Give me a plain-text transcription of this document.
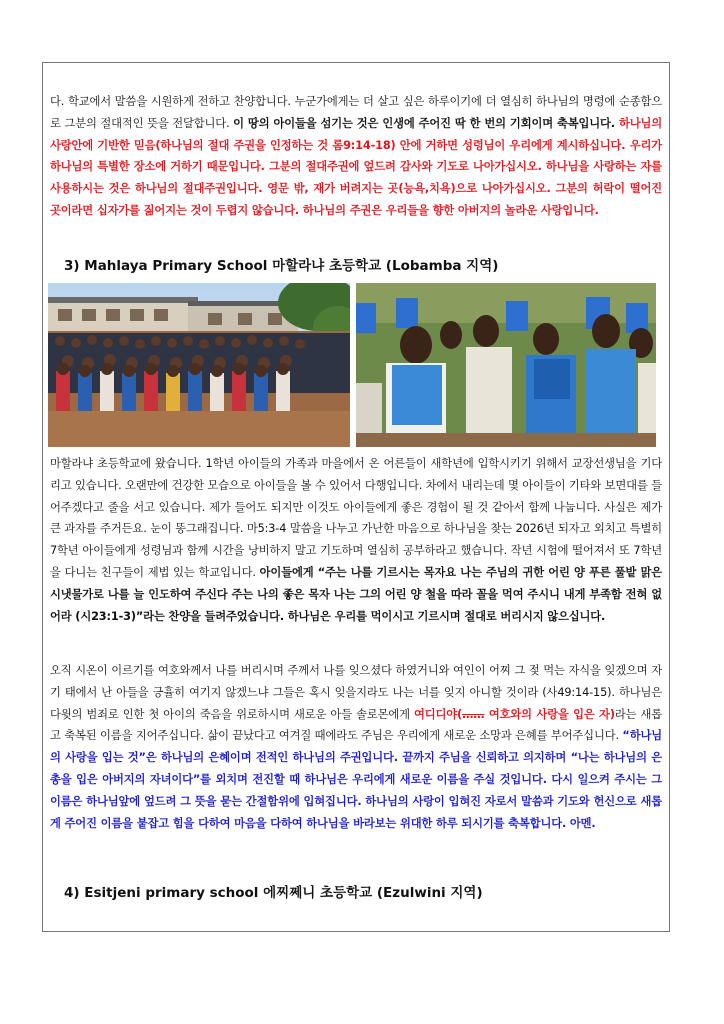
다. 학교에서 말씀을 시원하게 전하고 찬양합니다. 누군가에게는 더 살고 싶은 하루이기에 더 열심히 하나님의 명령에 순종함으로 그분의 절대적인 뜻을 전달합니다. 이 땅의 아이들을 섬기는 것은 인생에 주어진 딱 한 번의 기회이며 축복입니다. 하나님의 사랑안에 기반한 믿음(하나님의 절대 주권을 인정하는 것 롬9:14-18) 안에 거하면 성령님이 우리에게 계시하십니다. 우리가 하나님의 특별한 장소에 거하기 때문입니다. 그분의 절대주권에 엎드려 감사와 기도로 나아가십시오. 하나님을 사랑하는 자를 사용하시는 것은 하나님의 절대주권입니다. 영문 밖, 재가 버려지는 곳(능욕,치욕)으로 나아가십시오. 그분의 허락이 떨어진 곳이라면 십자가를 짊어지는 것이 두렵지 않습니다. 하나님의 주권은 우리들을 향한 아버지의 놀라운 사랑입니다.

3) Mahlaya Primary School 마할라냐 초등학교 (Lobamba 지역)

마할라냐 초등학교에 왔습니다. 1학년 아이들의 가족과 마을에서 온 어른들이 새학년에 입학시키기 위해서 교장선생님을 기다리고 있습니다. 오랜만에 건강한 모습으로 아이들을 볼 수 있어서 다행입니다. 차에서 내리는데 몇 아이들이 기타와 보면대를 들어주겠다고 줄을 서고 있습니다. 제가 들어도 되지만 이것도 아이들에게 좋은 경험이 될 것 같아서 함께 나눕니다. 사실은 제가 큰 과자를 주거든요. 눈이 똥그래집니다. 마5:3-4 말씀을 나누고 가난한 마음으로 하나님을 찾는 2026년 되자고 외치고 특별히 7학년 아이들에게 성령님과 함께 시간을 낭비하지 말고 기도하며 열심히 공부하라고 했습니다. 작년 시험에 떨어져서 또 7학년을 다니는 친구들이 제법 있는 학교입니다. 아이들에게 “주는 나를 기르시는 목자요 나는 주님의 귀한 어린 양 푸른 풀밭 맑은 시냇물가로 나를 늘 인도하여 주신다 주는 나의 좋은 목자 나는 그의 어린 양 철을 따라 꼴을 먹여 주시니 내게 부족함 전혀 없어라 (시23:1-3)”라는 찬양을 들려주었습니다. 하나님은 우리를 먹이시고 기르시며 절대로 버리시지 않으십니다.

오직 시온이 이르기를 여호와께서 나를 버리시며 주께서 나를 잊으셨다 하였거니와 여인이 어찌 그 젖 먹는 자식을 잊겠으며 자기 태에서 난 아들을 긍휼히 여기지 않겠느냐 그들은 혹시 잊을지라도 나는 너를 잊지 아니할 것이라 (사49:14-15). 하나님은 다윗의 범죄로 인한 첫 아이의 죽음을 위로하시며 새로운 아들 솔로몬에게 여디디야(…… 여호와의 사랑을 입은 자)라는 새롭고 축복된 이름을 지어주십니다. 삶이 끝났다고 여겨질 때에라도 주님은 우리에게 새로운 소망과 은혜를 부어주십니다. “하나님의 사랑을 입는 것”은 하나님의 은혜이며 전적인 하나님의 주권입니다. 끝까지 주님을 신뢰하고 의지하며 “나는 하나님의 은총을 입은 아버지의 자녀이다”를 외치며 전진할 때 하나님은 우리에게 새로운 이름을 주실 것입니다. 다시 일으켜 주시는 그 이름은 하나님앞에 엎드려 그 뜻을 묻는 간절함위에 입혀집니다. 하나님의 사랑이 입혀진 자로서 말씀과 기도와 헌신으로 새롭게 주어진 이름을 붙잡고 힘을 다하여 마음을 다하여 하나님을 바라보는 위대한 하루 되시기를 축복합니다. 아멘.

4) Esitjeni primary school 에찌쩨니 초등학교 (Ezulwini 지역)
